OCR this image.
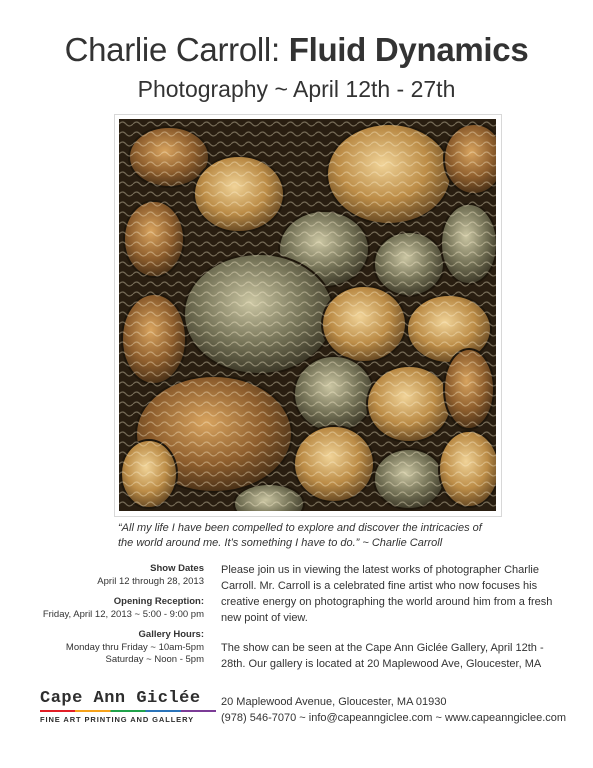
Charlie Carroll: Fluid Dynamics
Photography ~ April 12th - 27th
“All my life I have been compelled to explore and discover the intricacies of the world around me. It’s something I have to do.” ~ Charlie Carroll
Show Dates
April 12 through 28, 2013
Opening Reception:
Friday, April 12, 2013 ~ 5:00 - 9:00 pm
Gallery Hours:
Monday thru Friday ~ 10am-5pm
Saturday ~ Noon - 5pm

Please join us in viewing the latest works of photographer Charlie Carroll. Mr. Carroll is a celebrated fine artist who now focuses his creative energy on photographing the world around him from a fresh new point of view.

The show can be seen at the Cape Ann Giclée Gallery, April 12th - 28th. Our gallery is located at 20 Maplewood Ave, Gloucester, MA

Cape Ann Giclée
FINE ART PRINTING AND GALLERY
20 Maplewood Avenue, Gloucester, MA 01930
(978) 546-7070 ~ info@capeanngiclee.com ~ www.capeanngiclee.com
